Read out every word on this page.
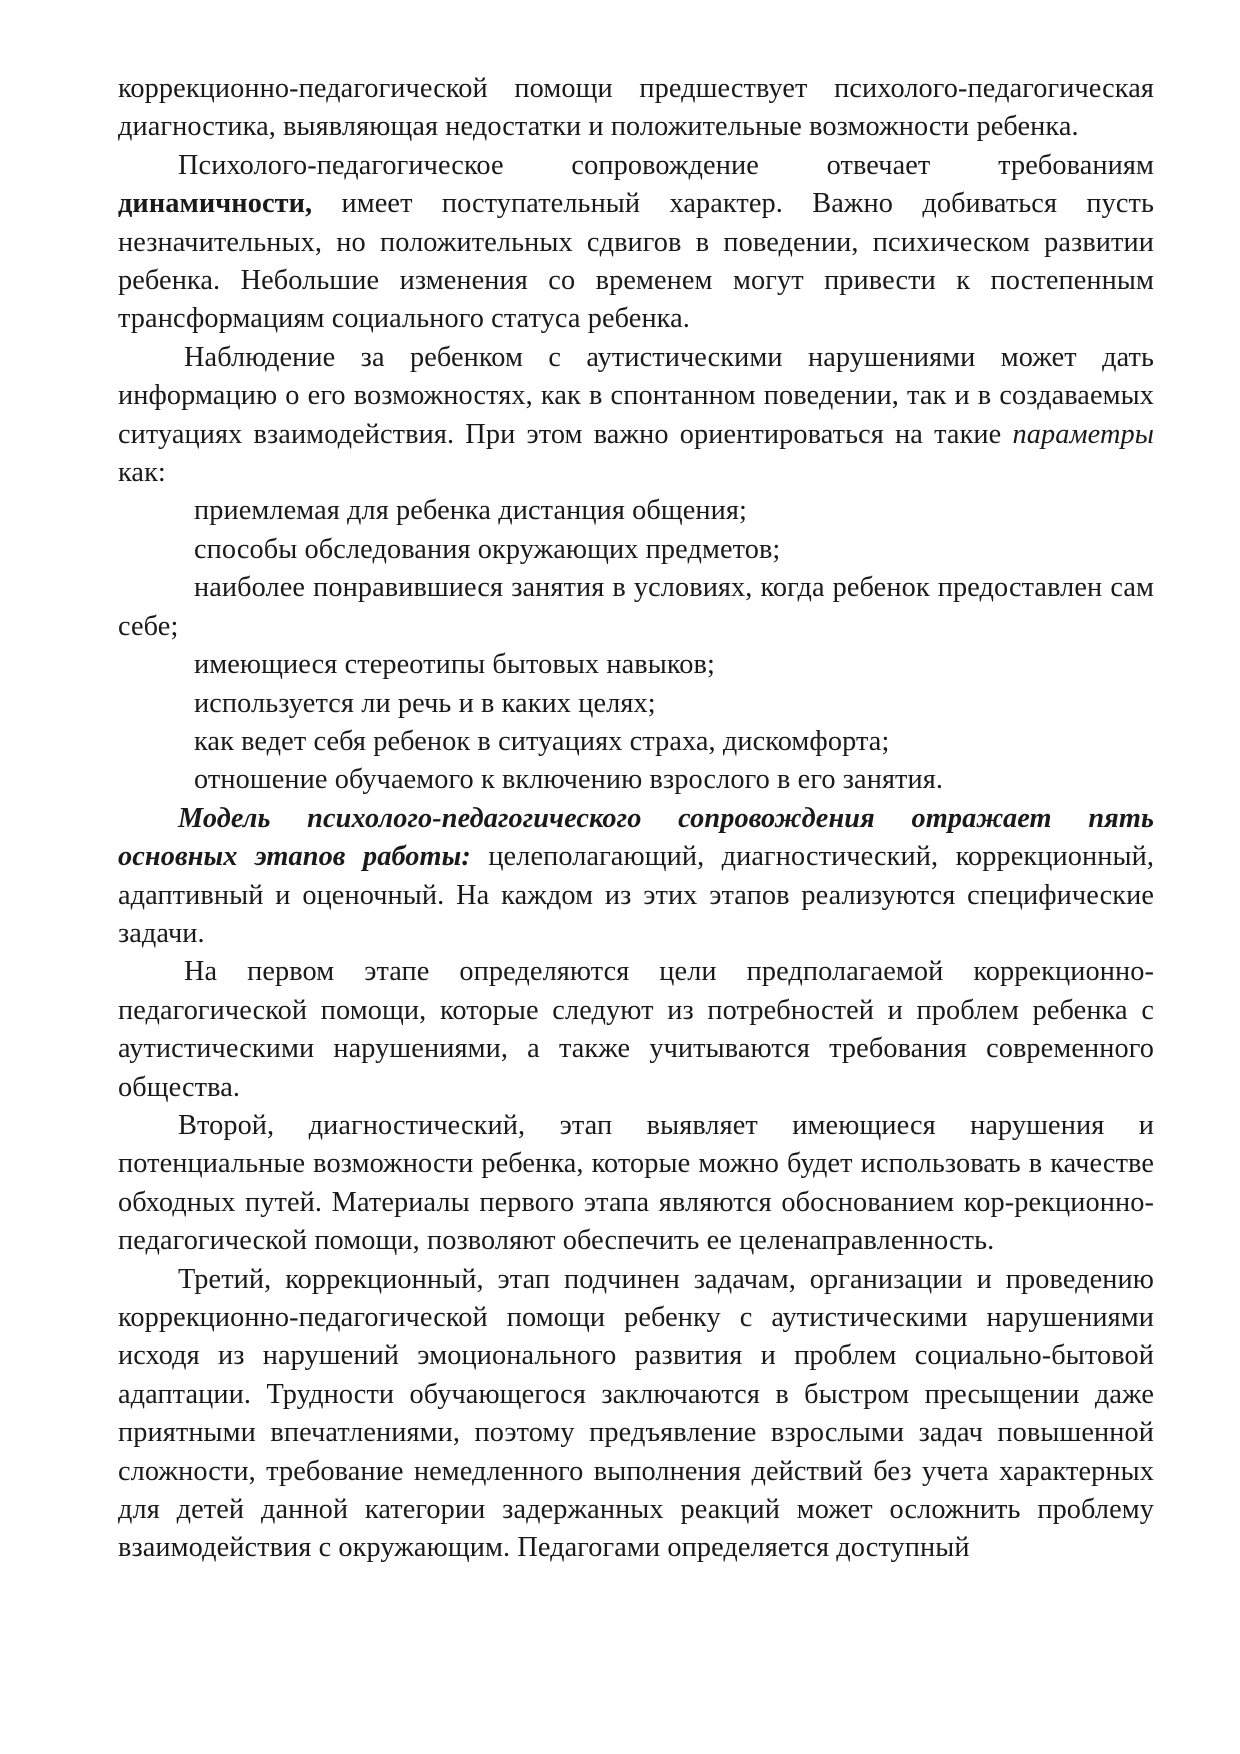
коррекционно-педагогической помощи предшествует психолого-педагогическая диагностика, выявляющая недостатки и положительные возможности ребенка.

Психолого-педагогическое сопровождение отвечает требованиям динамичности, имеет поступательный характер. Важно добиваться пусть незначительных, но положительных сдвигов в поведении, психическом развитии ребенка. Небольшие изменения со временем могут привести к постепенным трансформациям социального статуса ребенка.

Наблюдение за ребенком с аутистическими нарушениями может дать информацию о его возможностях, как в спонтанном поведении, так и в создаваемых ситуациях взаимодействия. При этом важно ориентироваться на такие параметры как:

приемлемая для ребенка дистанция общения;

способы обследования окружающих предметов;

наиболее понравившиеся занятия в условиях, когда ребенок предоставлен сам себе;

имеющиеся стереотипы бытовых навыков;

используется ли речь и в каких целях;

как ведет себя ребенок в ситуациях страха, дискомфорта;

отношение обучаемого к включению взрослого в его занятия.

Модель психолого-педагогического сопровождения отражает пять основных этапов работы: целеполагающий, диагностический, коррекционный, адаптивный и оценочный. На каждом из этих этапов реализуются специфические задачи.

На первом этапе определяются цели предполагаемой коррекционно-педагогической помощи, которые следуют из потребностей и проблем ребенка с аутистическими нарушениями, а также учитываются требования современного общества.

Второй, диагностический, этап выявляет имеющиеся нарушения и потенциальные возможности ребенка, которые можно будет использовать в качестве обходных путей. Материалы первого этапа являются обоснованием кор-рекционно-педагогической помощи, позволяют обеспечить ее целенаправленность.

Третий, коррекционный, этап подчинен задачам, организации и проведению коррекционно-педагогической помощи ребенку с аутистическими нарушениями исходя из нарушений эмоционального развития и проблем социально-бытовой адаптации. Трудности обучающегося заключаются в быстром пресыщении даже приятными впечатлениями, поэтому предъявление взрослыми задач повышенной сложности, требование немедленного выполнения действий без учета характерных для детей данной категории задержанных реакций может осложнить проблему взаимодействия с окружающим. Педагогами определяется доступный
